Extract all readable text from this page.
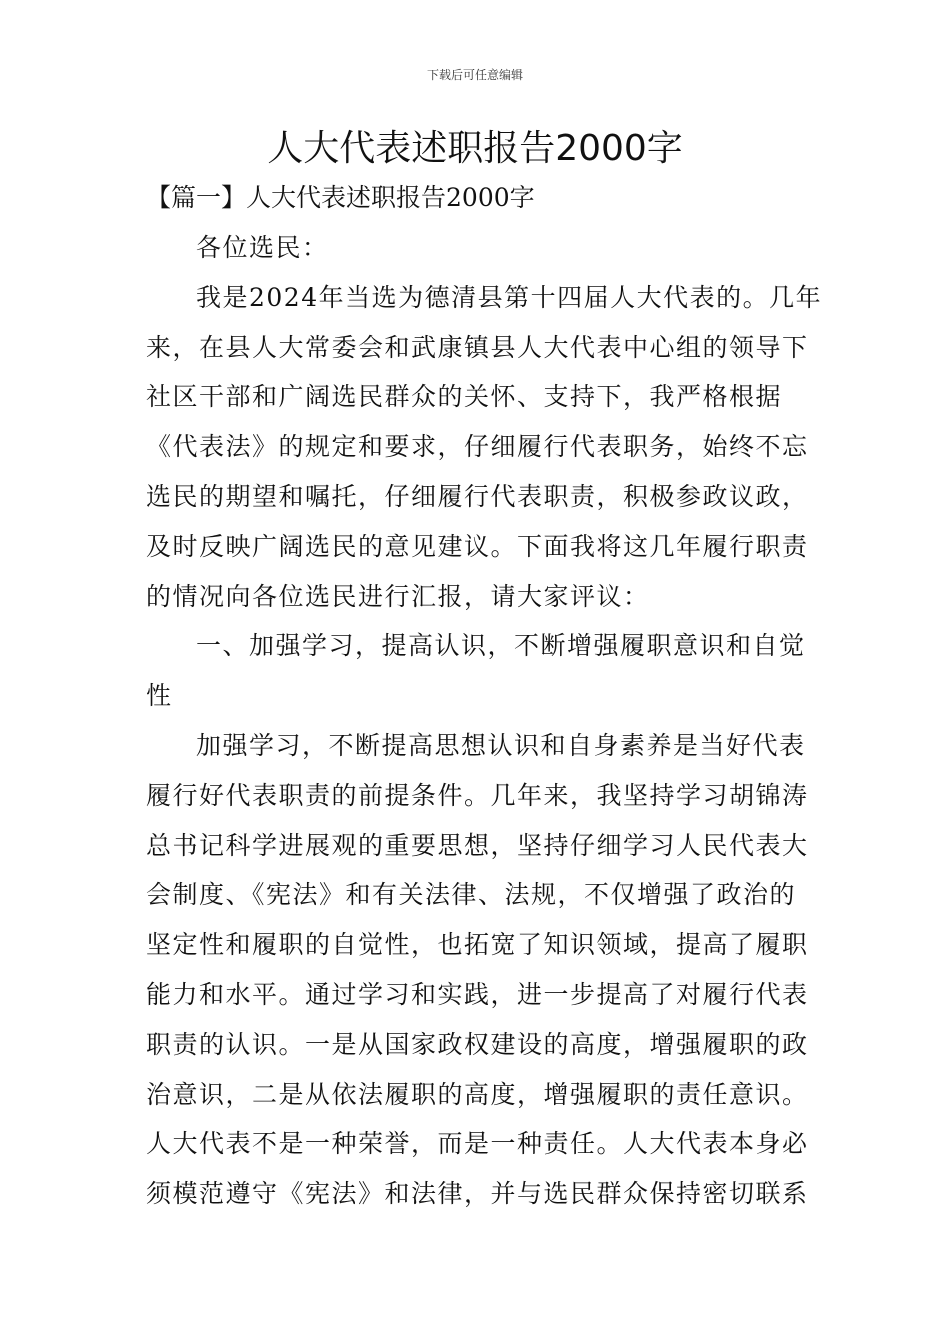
下载后可任意编辑
人大代表述职报告2000字
【篇一】人大代表述职报告2000字
各位选民：
我是2024年当选为德清县第十四届人大代表的。几年
来，在县人大常委会和武康镇县人大代表中心组的领导下
社区干部和广阔选民群众的关怀、支持下，我严格根据
《代表法》的规定和要求，仔细履行代表职务，始终不忘
选民的期望和嘱托，仔细履行代表职责，积极参政议政，
及时反映广阔选民的意见建议。下面我将这几年履行职责
的情况向各位选民进行汇报，请大家评议：
一、加强学习，提高认识，不断增强履职意识和自觉
性
加强学习，不断提高思想认识和自身素养是当好代表
履行好代表职责的前提条件。几年来，我坚持学习胡锦涛
总书记科学进展观的重要思想，坚持仔细学习人民代表大
会制度、《宪法》和有关法律、法规，不仅增强了政治的
坚定性和履职的自觉性，也拓宽了知识领域，提高了履职
能力和水平。通过学习和实践，进一步提高了对履行代表
职责的认识。一是从国家政权建设的高度，增强履职的政
治意识，二是从依法履职的高度，增强履职的责任意识。
人大代表不是一种荣誉，而是一种责任。人大代表本身必
须模范遵守《宪法》和法律，并与选民群众保持密切联系
